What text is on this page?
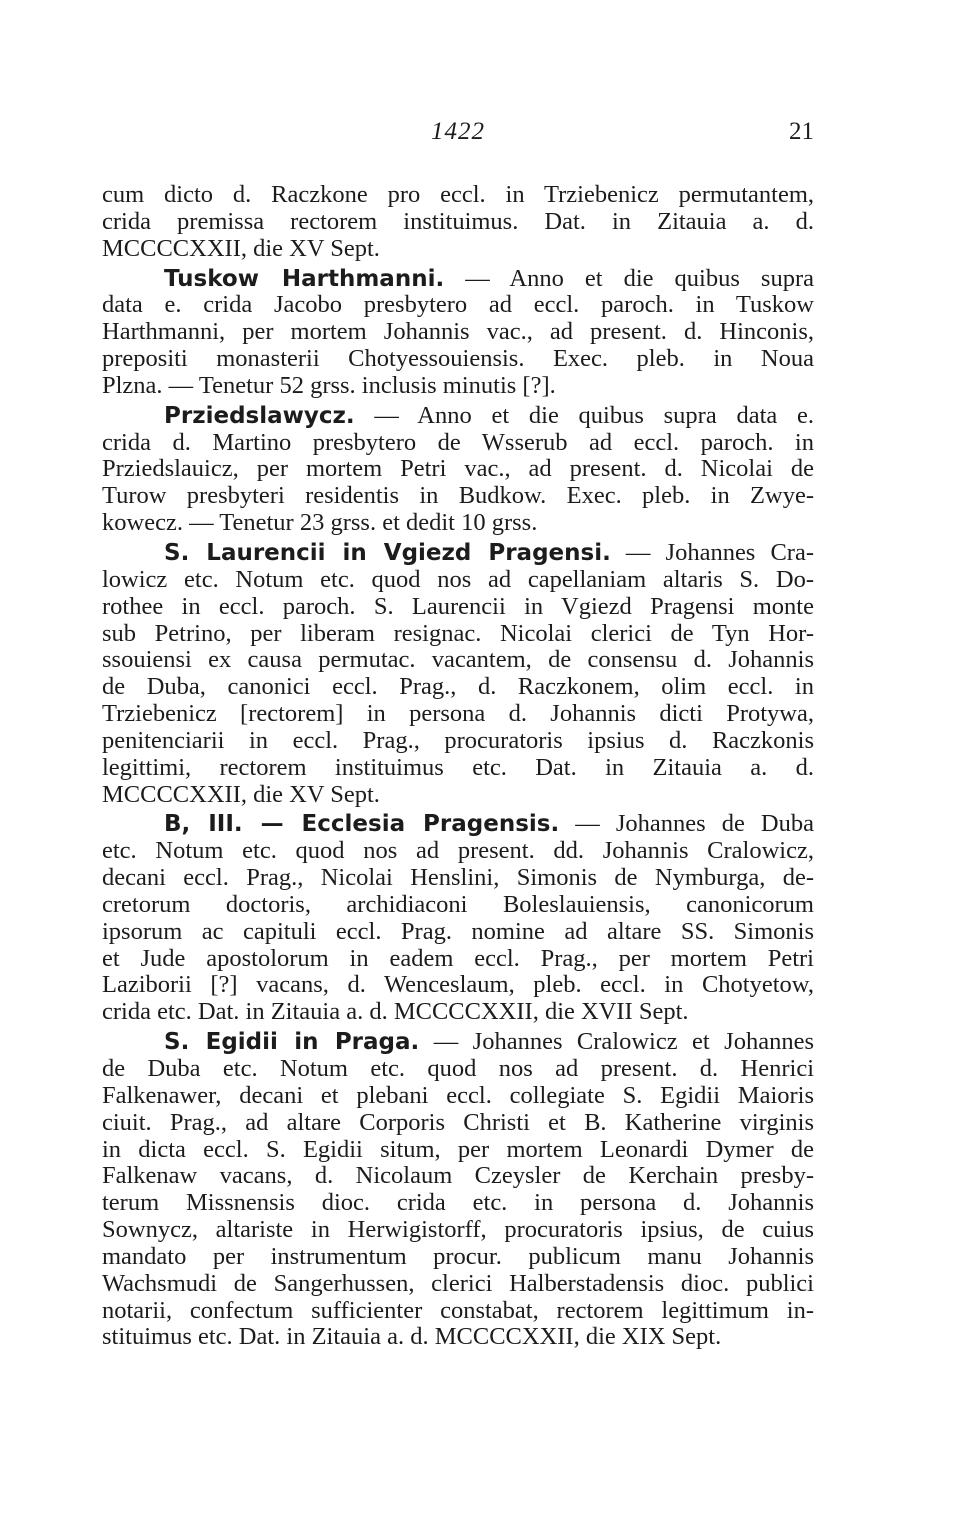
1422	21
cum dicto d. Raczkone pro eccl. in Trziebenicz permutantem,
crida premissa rectorem instituimus. Dat. in Zitauia a. d.
MCCCCXXII, die XV Sept.
Tuskow Harthmanni. — Anno et die quibus supra
data e. crida Jacobo presbytero ad eccl. paroch. in Tuskow
Harthmanni, per mortem Johannis vac., ad present. d. Hinconis,
prepositi monasterii Chotyessouiensis. Exec. pleb. in Noua
Plzna. — Tenetur 52 grss. inclusis minutis [?].
Prziedslawycz. — Anno et die quibus supra data e.
crida d. Martino presbytero de Wsserub ad eccl. paroch. in
Prziedslauicz, per mortem Petri vac., ad present. d. Nicolai de
Turow presbyteri residentis in Budkow. Exec. pleb. in Zwye-
kowecz. — Tenetur 23 grss. et dedit 10 grss.
S. Laurencii in Vgiezd Pragensi. — Johannes Cra-
lowicz etc. Notum etc. quod nos ad capellaniam altaris S. Do-
rothee in eccl. paroch. S. Laurencii in Vgiezd Pragensi monte
sub Petrino, per liberam resignac. Nicolai clerici de Tyn Hor-
ssouiensi ex causa permutac. vacantem, de consensu d. Johannis
de Duba, canonici eccl. Prag., d. Raczkonem, olim eccl. in
Trziebenicz [rectorem] in persona d. Johannis dicti Protywa,
penitenciarii in eccl. Prag., procuratoris ipsius d. Raczkonis
legittimi, rectorem instituimus etc. Dat. in Zitauia a. d.
MCCCCXXII, die XV Sept.
B, III. — Ecclesia Pragensis. — Johannes de Duba
etc. Notum etc. quod nos ad present. dd. Johannis Cralowicz,
decani eccl. Prag., Nicolai Henslini, Simonis de Nymburga, de-
cretorum doctoris, archidiaconi Boleslauiensis, canonicorum
ipsorum ac capituli eccl. Prag. nomine ad altare SS. Simonis
et Jude apostolorum in eadem eccl. Prag., per mortem Petri
Laziborii [?] vacans, d. Wenceslaum, pleb. eccl. in Chotyetow,
crida etc. Dat. in Zitauia a. d. MCCCCXXII, die XVII Sept.
S. Egidii in Praga. — Johannes Cralowicz et Johannes
de Duba etc. Notum etc. quod nos ad present. d. Henrici
Falkenawer, decani et plebani eccl. collegiate S. Egidii Maioris
ciuit. Prag., ad altare Corporis Christi et B. Katherine virginis
in dicta eccl. S. Egidii situm, per mortem Leonardi Dymer de
Falkenaw vacans, d. Nicolaum Czeysler de Kerchain presby-
terum Missnensis dioc. crida etc. in persona d. Johannis
Sownycz, altariste in Herwigistorff, procuratoris ipsius, de cuius
mandato per instrumentum procur. publicum manu Johannis
Wachsmudi de Sangerhussen, clerici Halberstadensis dioc. publici
notarii, confectum sufficienter constabat, rectorem legittimum in-
stituimus etc. Dat. in Zitauia a. d. MCCCCXXII, die XIX Sept.
